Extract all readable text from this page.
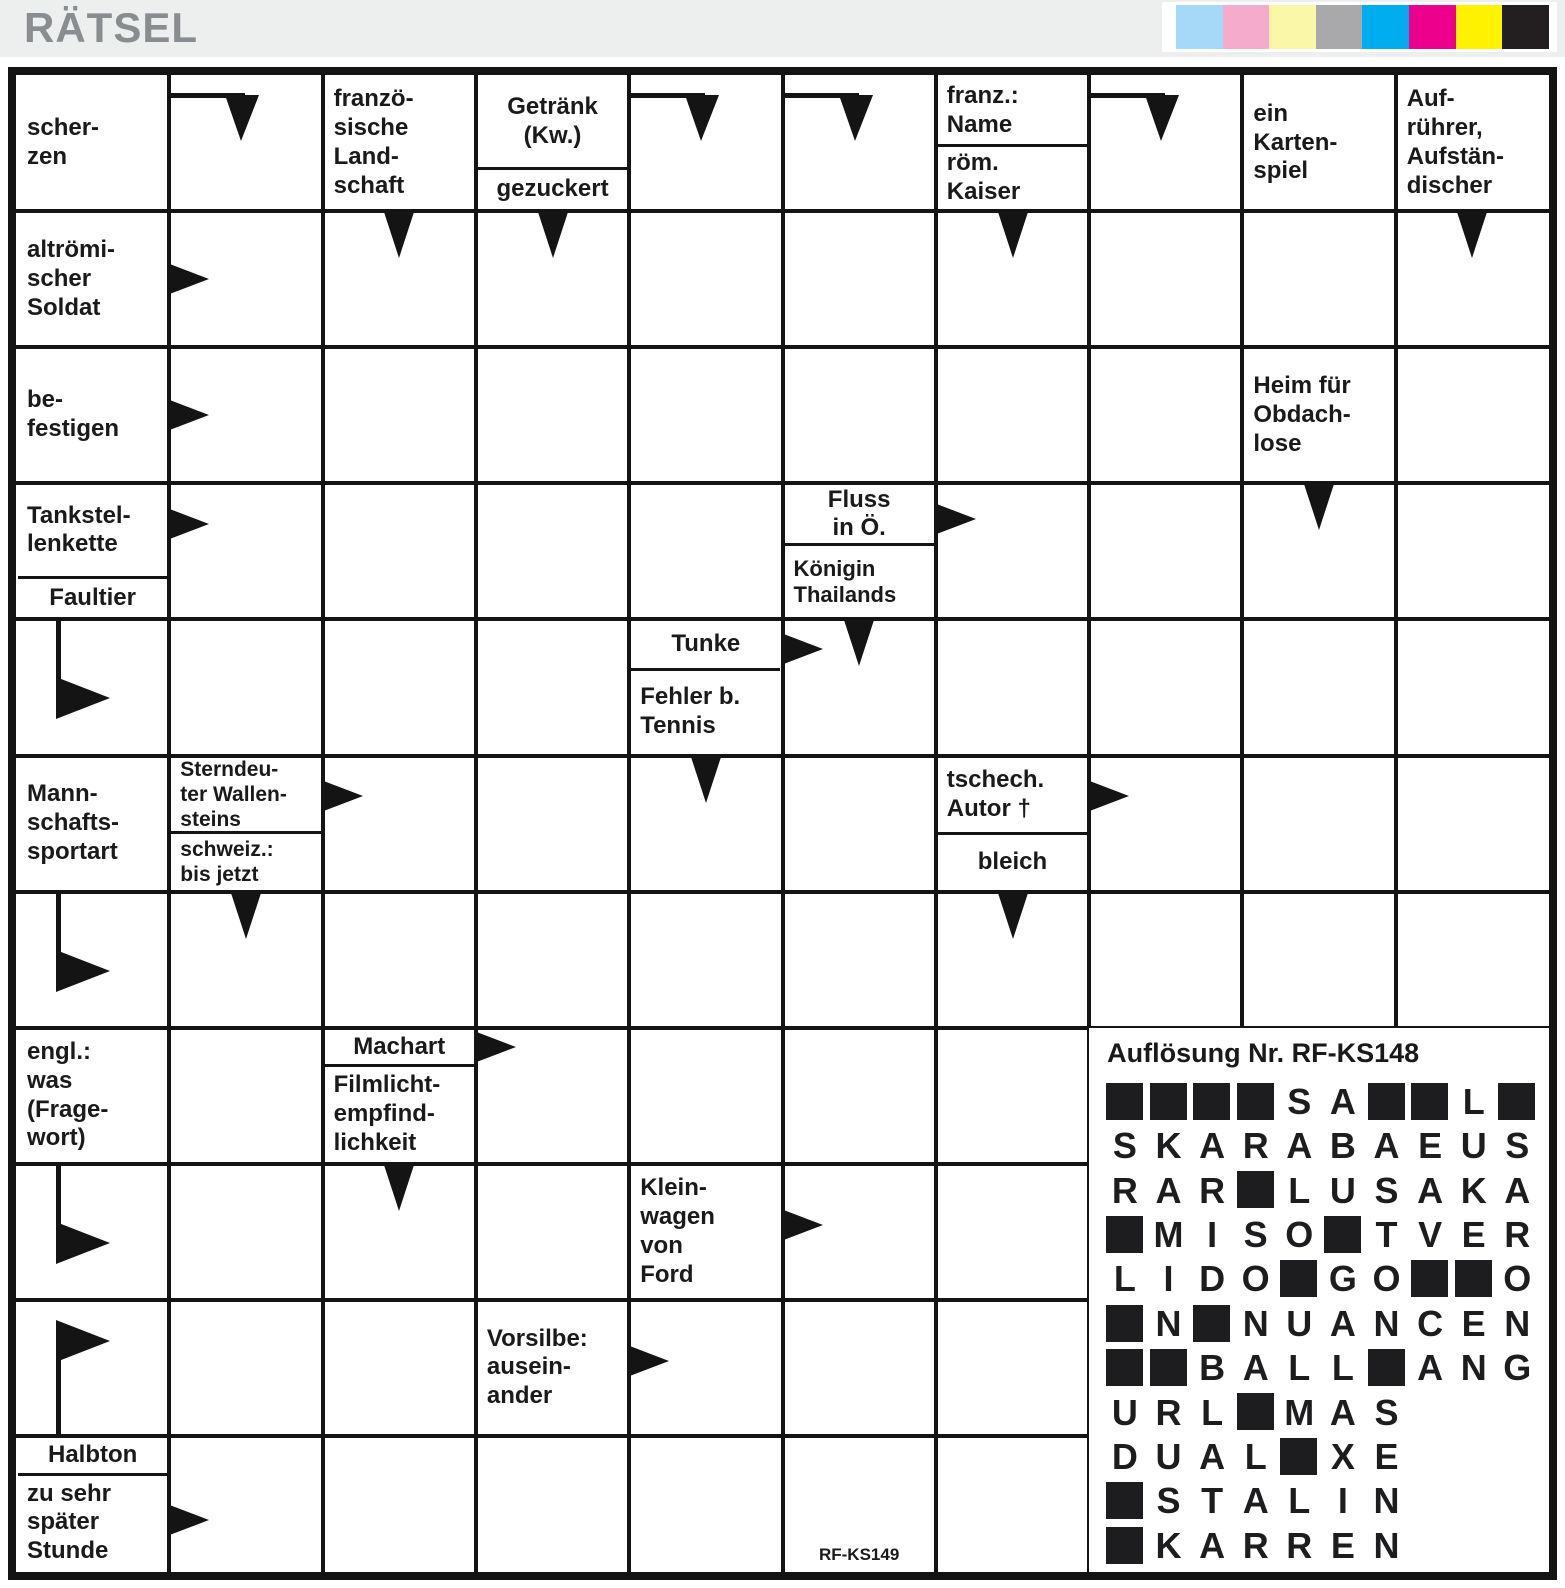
RÄTSEL
Auflösung Nr. RF-KS148
S A	L
S K A R A B A E U S
R A R L U S A K A
M I S O T V E R
L I D O G O	O
N N U A N C E N
B A L L A N G
U R L M A S
D U A L X E
S T A L I N
K A R R E N
RF-KS149
scher-
zen
franzö-
sische
Land-
schaft
Getränk
(Kw.)
gezuckert
franz.:
Name
röm.
Kaiser
ein
Karten-
spiel
Auf-
rührer,
Aufstän-
discher
altrömi-
scher
Soldat
be-
festigen
Heim für
Obdach-
lose
Tankstel-
lenkette
Faultier
Fluss
in Ö.
Königin
Thailands
Tunke
Fehler b.
Tennis
Mann-
schafts-
sportart
Sterndeu-
ter Wallen-
steins
schweiz.:
bis jetzt
tschech.
Autor †
bleich
engl.:
was
(Frage-
wort)
Machart
Filmlicht-
empfind-
lichkeit
Klein-
wagen
von
Ford
Vorsilbe:
ausein-
ander
Halbton
zu sehr
später
Stunde
